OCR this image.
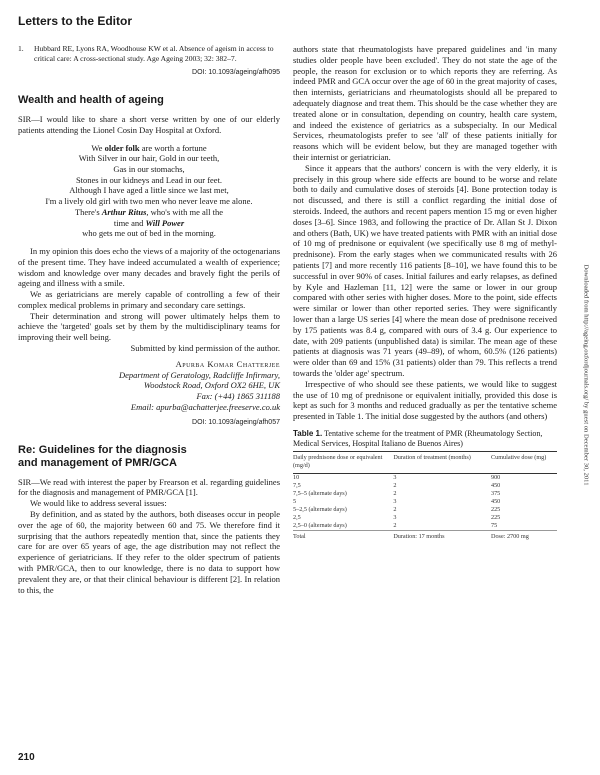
Letters to the Editor
Downloaded from http://ageing.oxfordjournals.org/ by guest on December 30, 2011
1.	Hubbard RE, Lyons RA, Woodhouse KW et al. Absence of ageism in access to critical care: A cross-sectional study. Age Ageing 2003; 32: 382–7.
DOI: 10.1093/ageing/afh095
Wealth and health of ageing

SIR—I would like to share a short verse written by one of our elderly patients attending the Lionel Cosin Day Hospital at Oxford.

We older folk are worth a fortune
With Silver in our hair, Gold in our teeth,
Gas in our stomachs,
Stones in our kidneys and Lead in our feet.
Although I have aged a little since we last met,
I'm a lively old girl with two men who never leave me alone.
There's Arthur Ritus, who's with me all the
time and Will Power
who gets me out of bed in the morning.

In my opinion this does echo the views of a majority of the octogenarians of the present time. They have indeed accumulated a wealth of experience; wisdom and knowledge over many decades and bravely fight the perils of ageing and illness with a smile.

We as geriatricians are merely capable of controlling a few of their complex medical problems in primary and secondary care settings.

Their determination and strong will power ultimately helps them to achieve the 'targeted' goals set by them by the multidisciplinary teams for improving their well being.

Submitted by kind permission of the author.
Apurba Komar Chatterjee
Department of Geratology, Radcliffe Infirmary,
Woodstock Road, Oxford OX2 6HE, UK
Fax: (+44) 1865 311188
Email: apurba@achatterjee.freeserve.co.uk
DOI: 10.1093/ageing/afh057
Re: Guidelines for the diagnosis
and management of PMR/GCA

SIR—We read with interest the paper by Frearson et al. regarding guidelines for the diagnosis and management of PMR/GCA [1].

We would like to address several issues:

By definition, and as stated by the authors, both diseases occur in people over the age of 60, the majority between 60 and 75. We therefore find it surprising that the authors repeatedly mention that, since the patients they care for are over 65 years of age, the age distribution may not reflect the experience of geriatricians. If they refer to the older spectrum of patients with PMR/GCA, then to our knowledge, there is no data to support how prevalent they are, or that their clinical behaviour is different [2]. In relation to this, the

authors state that rheumatologists have prepared guidelines and 'in many studies older people have been excluded'. They do not state the age of the people, the reason for exclusion or to which reports they are referring. As indeed PMR and GCA occur over the age of 60 in the great majority of cases, then internists, geriatricians and rheumatologists should all be prepared to adequately diagnose and treat them. This should be the case whether they are treated alone or in consultation, depending on country, health care system, and indeed the existence of geriatrics as a subspecialty. In our Medical Services, rheumatologists prefer to see 'all' of these patients initially for reasons which will be evident below, but they are managed together with their internist or geriatrician.

Since it appears that the authors' concern is with the very elderly, it is precisely in this group where side effects are bound to be worse and relate both to daily and cumulative doses of steroids [4]. Bone protection today is not discussed, and there is still a conflict regarding the initial dose of steroids. Indeed, the authors and recent papers mention 15 mg or even higher doses [3–6]. Since 1983, and following the practice of Dr. Allan St J. Dixon and others (Bath, UK) we have treated patients with PMR with an initial dose of 10 mg of prednisone or equivalent (we specifically use 8 mg of methyl-prednisone). From the early stages when we communicated results with 26 patients [7] and more recently 116 patients [8–10], we have found this to be successful in over 90% of cases. Initial failures and early relapses, as defined by Kyle and Hazleman [11, 12] were the same or lower in our group compared with other series with higher doses. More to the point, side effects were similar or lower than other reported series. They were significantly lower than a large US series [4] where the mean dose of prednisone received by 175 patients was 8.4 g, compared with ours of 3.4 g. Our experience to date, with 209 patients (unpublished data) is similar. The mean age of these patients at diagnosis was 71 years (49–89), of whom, 60.5% (126 patients) were older than 69 and 15% (31 patients) older than 79. This reflects a trend towards the 'older age' spectrum.

Irrespective of who should see these patients, we would like to suggest the use of 10 mg of prednisone or equivalent initially, provided this dose is kept as such for 3 months and reduced gradually as per the tentative scheme presented in Table 1. The initial dose suggested by the authors (and others)

Table 1. Tentative scheme for the treatment of PMR (Rheumatology Section, Medical Services, Hospital Italiano de Buenos Aires)
Daily prednisone dose or equivalent (mg/d)	Duration of treatment (months)	Cumulative dose (mg)
10	3	900
7,5	2	450
7,5–5 (alternate days)	2	375
5	3	450
5–2,5 (alternate days)	2	225
2,5	3	225
2,5–0 (alternate days)	2	75
Total	Duration: 17 months	Dose: 2700 mg
210
